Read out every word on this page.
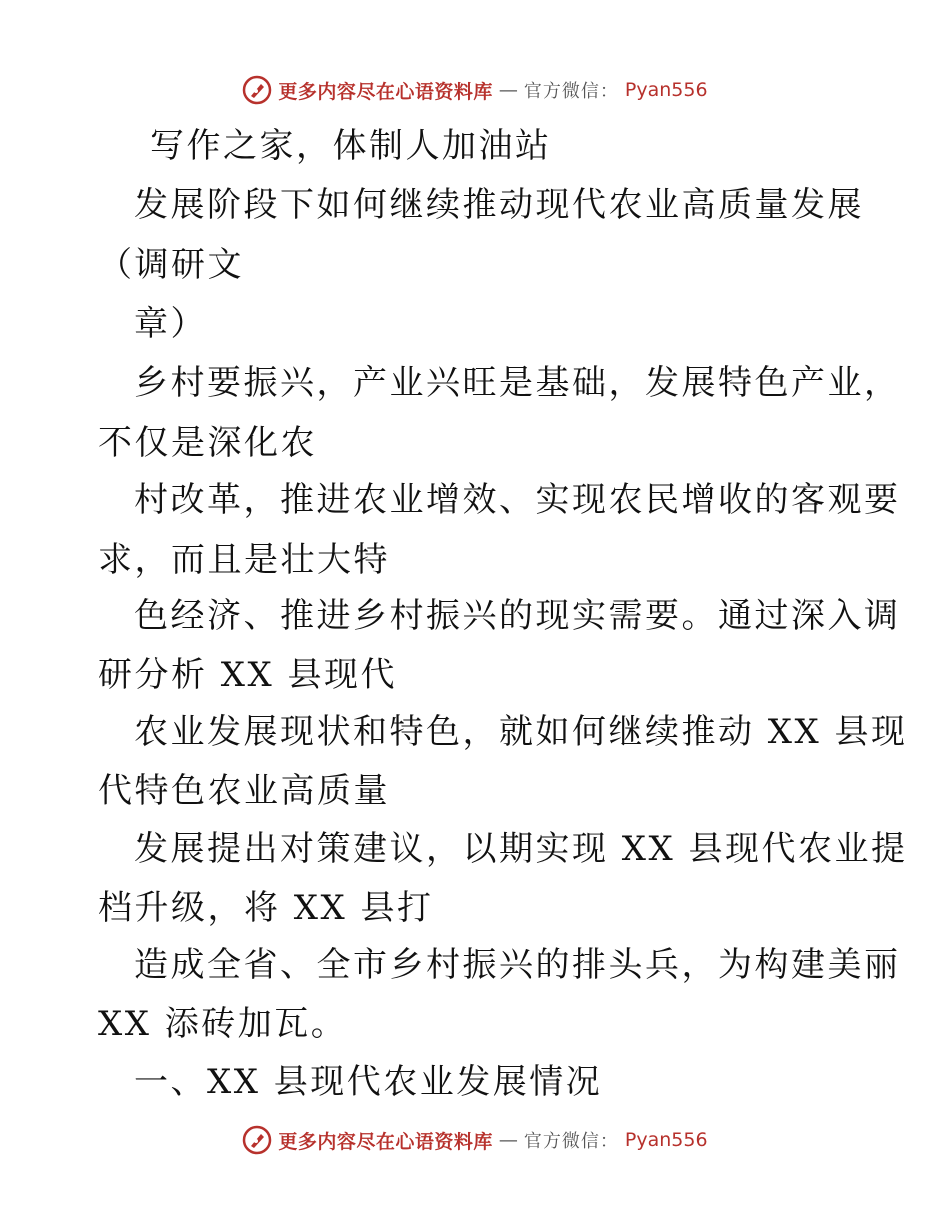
更多内容尽在心语资料库 — 官方微信： Pyan556
写作之家，体制人加油站
发展阶段下如何继续推动现代农业高质量发展
（调研文
章）
乡村要振兴，产业兴旺是基础，发展特色产业，
不仅是深化农
村改革，推进农业增效、实现农民增收的客观要
求，而且是壮大特
色经济、推进乡村振兴的现实需要。通过深入调
研分析 XX 县现代
农业发展现状和特色，就如何继续推动 XX 县现
代特色农业高质量
发展提出对策建议，以期实现 XX 县现代农业提
档升级，将 XX 县打
造成全省、全市乡村振兴的排头兵，为构建美丽
XX 添砖加瓦。
一、XX 县现代农业发展情况
更多内容尽在心语资料库 — 官方微信： Pyan556
